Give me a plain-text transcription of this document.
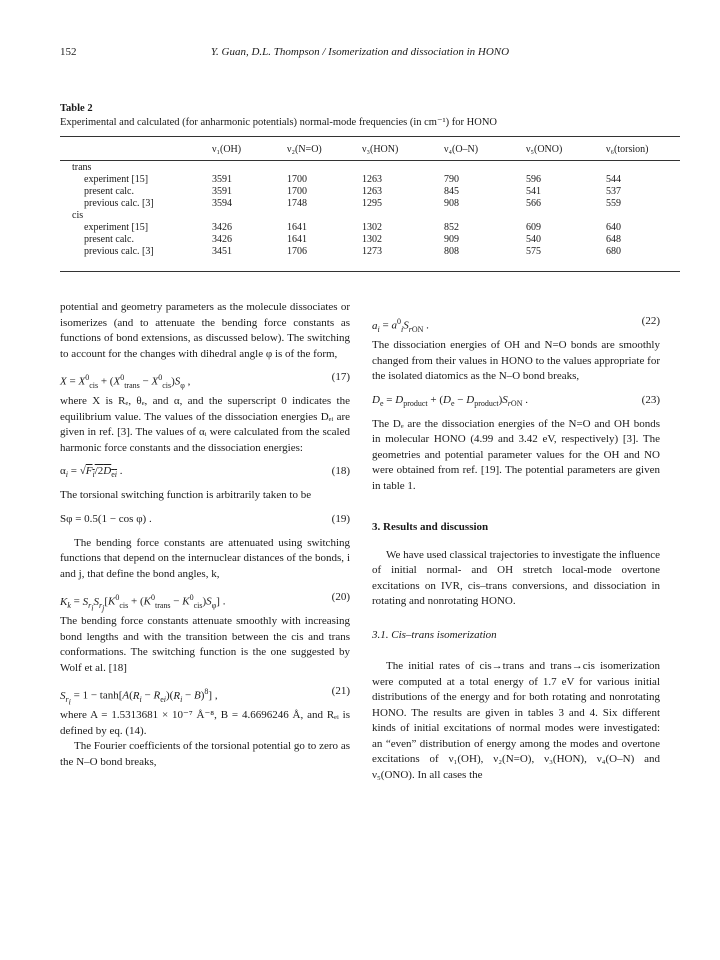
152	Y. Guan, D.L. Thompson / Isomerization and dissociation in HONO
Table 2
Experimental and calculated (for anharmonic potentials) normal-mode frequencies (in cm⁻¹) for HONO
	ν₁(OH)	ν₂(N=O)	ν₃(HON)	ν₄(O–N)	ν₅(ONO)	ν₆(torsion)

trans						
experiment [15]	3591	1700	1263	790	596	544
present calc.	3591	1700	1263	845	541	537
previous calc. [3]	3594	1748	1295	908	566	559
cis						
experiment [15]	3426	1641	1302	852	609	640
present calc.	3426	1641	1302	909	540	648
previous calc. [3]	3451	1706	1273	808	575	680

potential and geometry parameters as the molecule dissociates or isomerizes (and to attenuate the bending force constants as functions of bond extensions, as discussed below). The switching to account for the changes with dihedral angle φ is of the form,

$X = X^0_{cis} + (X^0_{trans} - X^0_{cis})S_\varphi$ ,	(17)

where X is Rₑ, θₑ, and α, and the superscript 0 indicates the equilibrium value. The values of the dissociation energies Dₑᵢ are given in ref. [3]. The values of αᵢ were calculated from the scaled harmonic force constants and the dissociation energies:

$\alpha_i = √F_i/2D_{ei}$ .	(18)

The torsional switching function is arbitrarily taken to be

Sφ = 0.5(1 − cos φ) .	(19)

The bending force constants are attenuated using switching functions that depend on the internuclear distances of the bonds, i and j, that define the bond angles, k,

$K_k = S_{r_i}S_{r_j}[K^0_{cis} + (K^0_{trans} - K^0_{cis})S_\varphi]$ .	(20)

The bending force constants attenuate smoothly with increasing bond lengths and with the transition between the cis and trans conformations. The switching function is the one suggested by Wolf et al. [18]

$S_{r_i} = 1 - \tanh[A(R_i - R_{ei})(R_i - B)^8]$ ,	(21)

where A = 1.5313681 × 10⁻⁷ Å⁻⁸, B = 4.6696246 Å, and Rₑᵢ is defined by eq. (14).

The Fourier coefficients of the torsional potential go to zero as the N–O bond breaks,

$a_i = a^0_iS_{rON}$ .	(22)

The dissociation energies of OH and N=O bonds are smoothly changed from their values in HONO to the values appropriate for the isolated diatomics as the N–O bond breaks,

$D_e = D_{product} + (D_e - D_{product})S_{rON}$ .	(23)

The Dₑ are the dissociation energies of the N=O and OH bonds in molecular HONO (4.99 and 3.42 eV, respectively) [3]. The geometries and potential parameter values for the OH and NO were obtained from ref. [19]. The potential parameters are given in table 1.

3. Results and discussion

We have used classical trajectories to investigate the influence of initial normal- and OH stretch local-mode overtone excitations on IVR, cis–trans conversions, and dissociation in rotating and nonrotating HONO.

3.1. Cis–trans isomerization

The initial rates of cis→trans and trans→cis isomerization were computed at a total energy of 1.7 eV for various initial distributions of the energy and for both rotating and nonrotating HONO. The results are given in tables 3 and 4. Six different kinds of initial excitations of normal modes were investigated: an “even” distribution of energy among the modes and overtone excitations of ν₁(OH), ν₂(N=O), ν₃(HON), ν₄(O–N) and ν₅(ONO). In all cases the
